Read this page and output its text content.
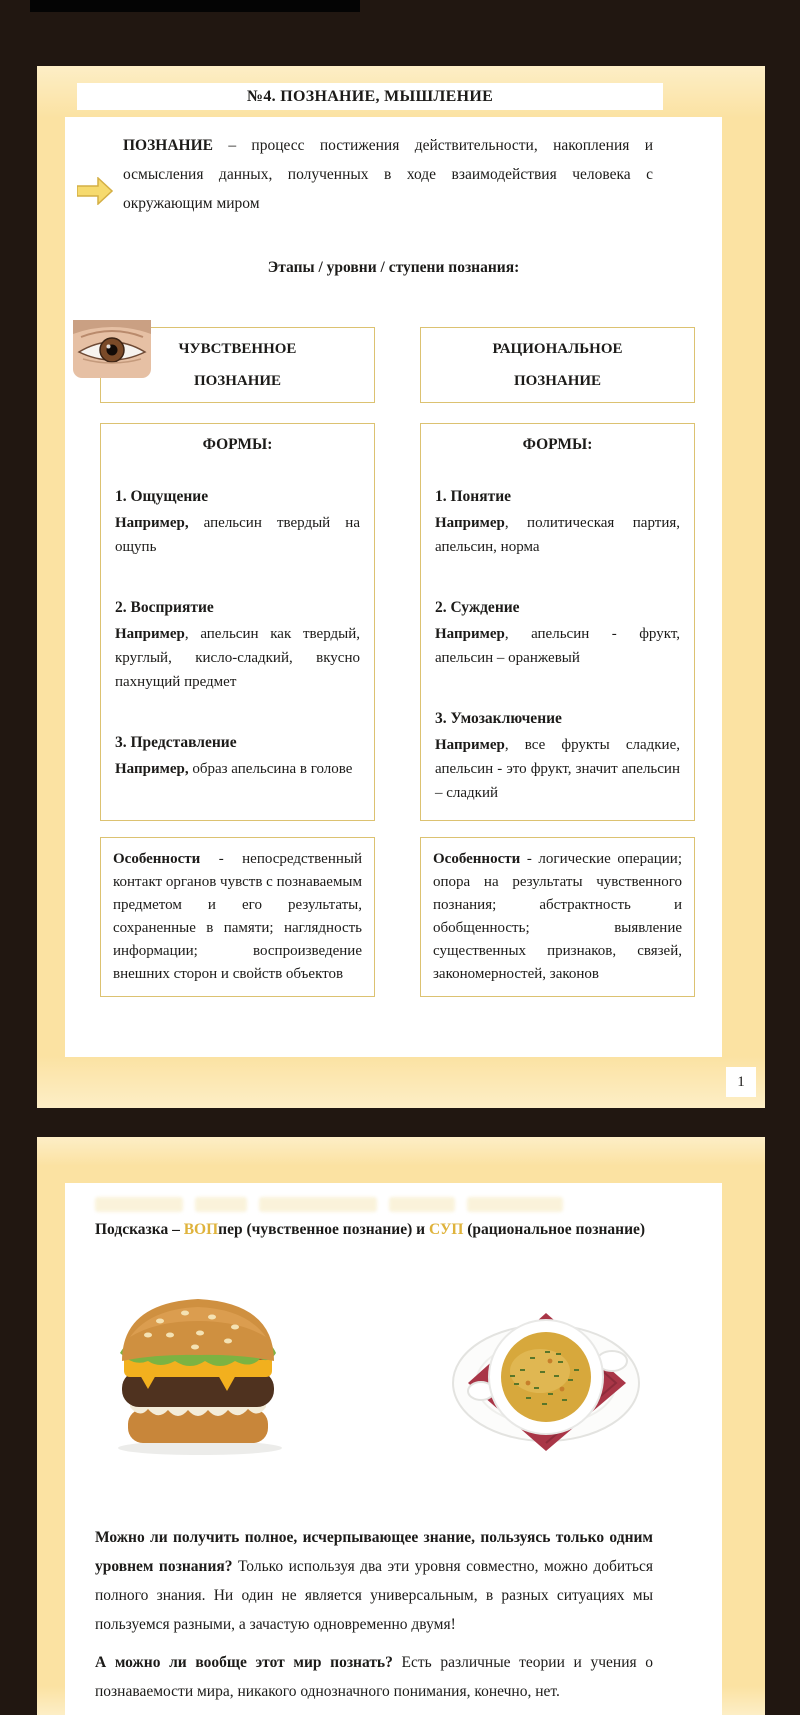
№4. ПОЗНАНИЕ, МЫШЛЕНИЕ

ПОЗНАНИЕ – процесс постижения действительности, накопления и осмысления данных, полученных в ходе взаимодействия человека с окружающим миром

Этапы / уровни / ступени познания:
ЧУВСТВЕННОЕ
ПОЗНАНИЕ
РАЦИОНАЛЬНОЕ
ПОЗНАНИЕ
ФОРМЫ:
1. Ощущение

Например, апельсин твердый на ощупь

2. Восприятие

Например, апельсин как твердый, круглый, кисло-сладкий, вкусно пахнущий предмет

3. Представление

Например, образ апельсина в голове

ФОРМЫ:
1. Понятие

Например, политическая партия, апельсин, норма

2. Суждение

Например, апельсин - фрукт, апельсин – оранжевый

3. Умозаключение

Например, все фрукты сладкие, апельсин - это фрукт, значит апельсин – сладкий

Особенности - непосредственный контакт органов чувств с познаваемым предметом и его результаты, сохраненные в памяти; наглядность информации; воспроизведение внешних сторон и свойств объектов
Особенности - логические операции; опора на результаты чувственного познания; абстрактность и обобщенность; выявление существенных признаков, связей, закономерностей, законов
1

Подсказка – ВОПпер (чувственное познание) и СУП (рациональное познание)

Можно ли получить полное, исчерпывающее знание, пользуясь только одним уровнем познания? Только используя два эти уровня совместно, можно добиться полного знания. Ни один не является универсальным, в разных ситуациях мы пользуемся разными, а зачастую одновременно двумя!

А можно ли вообще этот мир познать? Есть различные теории и учения о познаваемости мира, никакого однозначного понимания, конечно, нет.
